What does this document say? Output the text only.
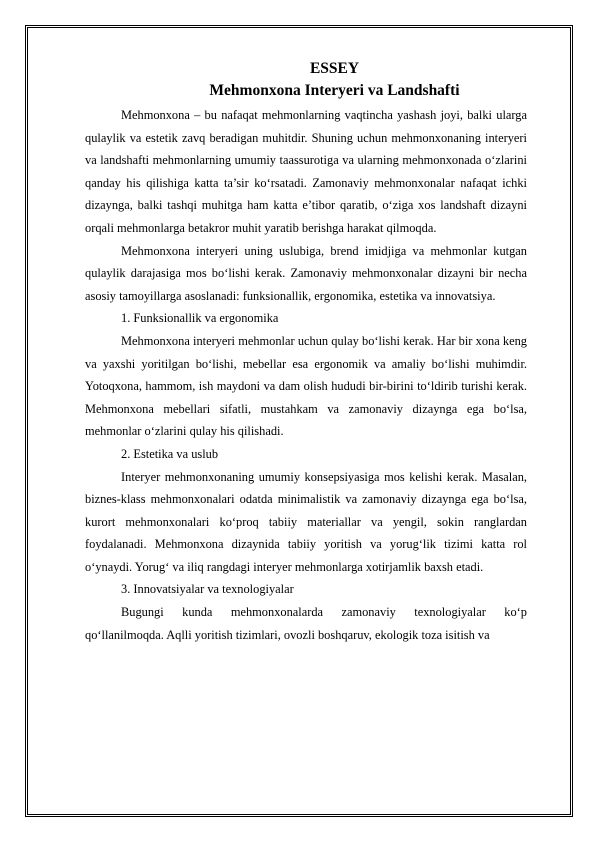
ESSEY
Mehmonxona Interyeri va Landshafti

Mehmonxona – bu nafaqat mehmonlarning vaqtincha yashash joyi, balki ularga qulaylik va estetik zavq beradigan muhitdir. Shuning uchun mehmonxonaning interyeri va landshafti mehmonlarning umumiy taassurotiga va ularning mehmonxonada o‘zlarini qanday his qilishiga katta ta’sir ko‘rsatadi. Zamonaviy mehmonxonalar nafaqat ichki dizaynga, balki tashqi muhitga ham katta e’tibor qaratib, o‘ziga xos landshaft dizayni orqali mehmonlarga betakror muhit yaratib berishga harakat qilmoqda.

Mehmonxona interyeri uning uslubiga, brend imidjiga va mehmonlar kutgan qulaylik darajasiga mos bo‘lishi kerak. Zamonaviy mehmonxonalar dizayni bir necha asosiy tamoyillarga asoslanadi: funksionallik, ergonomika, estetika va innovatsiya.

1. Funksionallik va ergonomika

Mehmonxona interyeri mehmonlar uchun qulay bo‘lishi kerak. Har bir xona keng va yaxshi yoritilgan bo‘lishi, mebellar esa ergonomik va amaliy bo‘lishi muhimdir. Yotoqxona, hammom, ish maydoni va dam olish hududi bir-birini to‘ldirib turishi kerak. Mehmonxona mebellari sifatli, mustahkam va zamonaviy dizaynga ega bo‘lsa, mehmonlar o‘zlarini qulay his qilishadi.

2. Estetika va uslub

Interyer mehmonxonaning umumiy konsepsiyasiga mos kelishi kerak. Masalan, biznes-klass mehmonxonalari odatda minimalistik va zamonaviy dizaynga ega bo‘lsa, kurort mehmonxonalari ko‘proq tabiiy materiallar va yengil, sokin ranglardan foydalanadi. Mehmonxona dizaynida tabiiy yoritish va yorug‘lik tizimi katta rol o‘ynaydi. Yorug‘ va iliq rangdagi interyer mehmonlarga xotirjamlik baxsh etadi.

3. Innovatsiyalar va texnologiyalar

Bugungi kunda mehmonxonalarda zamonaviy texnologiyalar ko‘p qo‘llanilmoqda. Aqlli yoritish tizimlari, ovozli boshqaruv, ekologik toza isitish va
